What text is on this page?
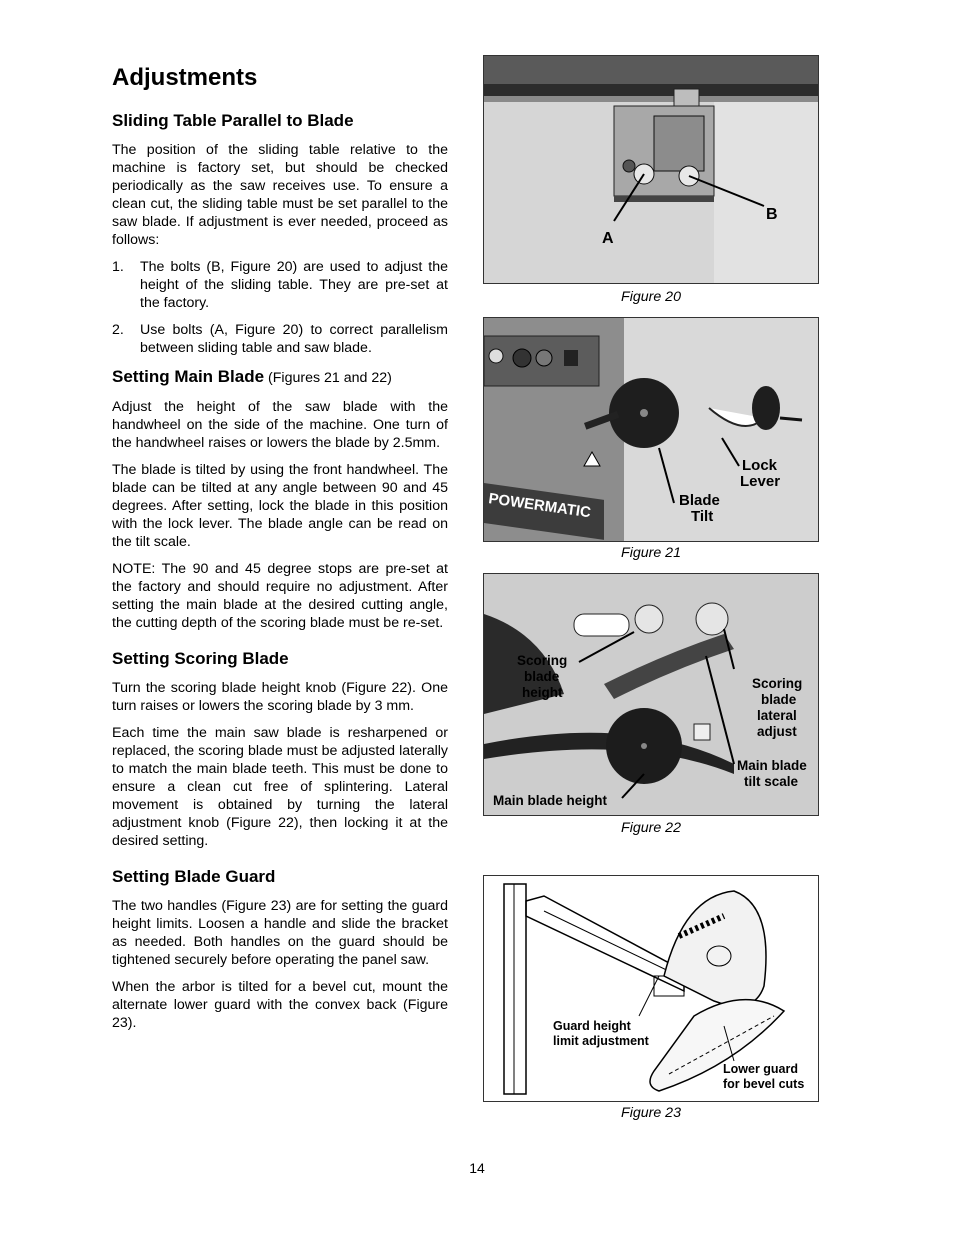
Adjustments
Sliding Table Parallel to Blade

The position of the sliding table relative to the machine is factory set, but should be checked periodically as the saw receives use. To ensure a clean cut, the sliding table must be set parallel to the saw blade. If adjustment is ever needed, proceed as follows:

1.	The bolts (B, Figure 20) are used to adjust the height of the sliding table. They are pre-set at the factory.
2.	Use bolts (A, Figure 20) to correct parallelism between sliding table and saw blade.
Setting Main Blade (Figures 21 and 22)

Adjust the height of the saw blade with the handwheel on the side of the machine. One turn of the handwheel raises or lowers the blade by 2.5mm.

The blade is tilted by using the front handwheel. The blade can be tilted at any angle between 90 and 45 degrees. After setting, lock the blade in this position with the lock lever. The blade angle can be read on the tilt scale.

NOTE: The 90 and 45 degree stops are pre-set at the factory and should require no adjustment. After setting the main blade at the desired cutting angle, the cutting depth of the scoring blade must be re-set.

Setting Scoring Blade

Turn the scoring blade height knob (Figure 22). One turn raises or lowers the scoring blade by 3 mm.

Each time the main saw blade is resharpened or replaced, the scoring blade must be adjusted laterally to match the main blade teeth. This must be done to ensure a clean cut free of splintering. Lateral movement is obtained by turning the lateral adjustment knob (Figure 22), then locking it at the desired setting.

Setting Blade Guard

The two handles (Figure 23) are for setting the guard height limits. Loosen a handle and slide the bracket as needed. Both handles on the guard should be tightened securely before operating the panel saw.

When the arbor is tilted for a bevel cut, mount the alternate lower guard with the convex back (Figure 23).

A
B
Figure 20
POWERMATIC
Lock
Lever
Blade
Tilt
Figure 21
Scoring
blade
height
Scoring
blade
lateral
adjust
Main blade
tilt scale
Main blade height
Figure 22
Guard height
limit adjustment
Lower guard
for bevel cuts
Figure 23
14
